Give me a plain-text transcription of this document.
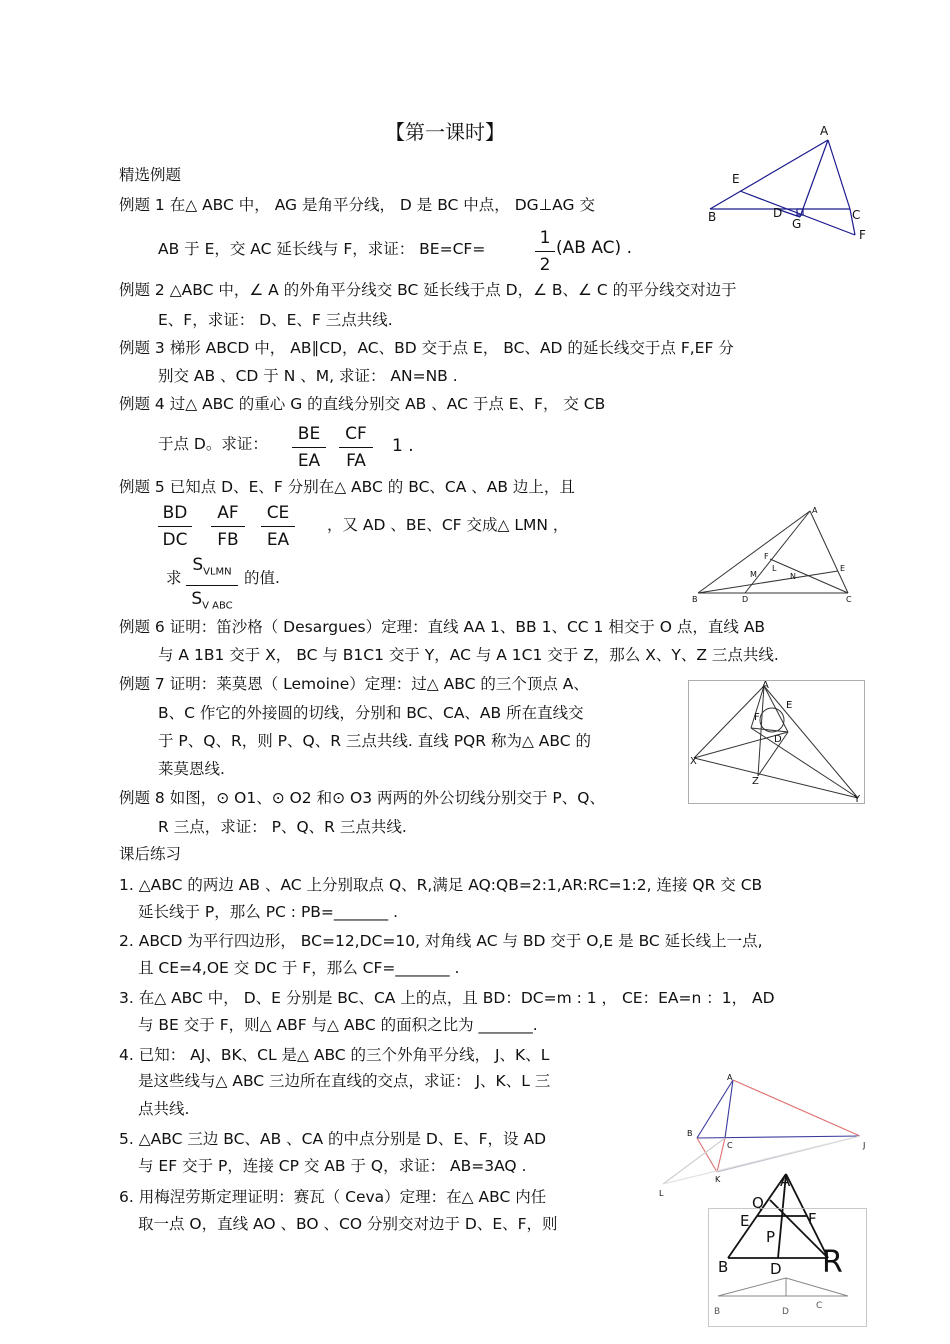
【第一课时】
精选例题
例题 1 在△ ABC 中， AG 是角平分线， D 是 BC 中点， DG⊥AG 交
AB 于 E，交 AC 延长线与 F，求证： BE=CF=
1
2
(AB AC) .
A
E
B	D	C
G
F
例题 2 △ABC 中，∠ A 的外角平分线交 BC 延长线于点 D，∠ B、∠ C 的平分线交对边于
E、F，求证： D、E、F 三点共线.
例题 3 梯形 ABCD 中， AB∥CD，AC、BD 交于点 E， BC、AD 的延长线交于点 F,EF 分
别交 AB 、CD 于 N 、M, 求证： AN=NB .
例题 4 过△ ABC 的重心 G 的直线分别交 AB 、AC 于点 E、F， 交 CB
于点 D。求证：	BE
EA
CF
FA
1 .
例题 5 已知点 D、E、F 分别在△ ABC 的 BC、CA 、AB 边上，且
BD
DC
AF
FB
CE
EA
，又 AD 、BE、CF 交成△ LMN ，
求
$S_{VLMN}$
$S_{V ABC}$
的值.
A
F
E
B	D	C
M	N
L
例题 6 证明：笛沙格（ Desargues）定理：直线 AA 1、BB 1、CC 1 相交于 O 点，直线 AB
与 A 1B1 交于 X， BC 与 B1C1 交于 Y，AC 与 A 1C1 交于 Z，那么 X、Y、Z 三点共线.
例题 7 证明：莱莫恩（ Lemoine）定理：过△ ABC 的三个顶点 A、
B、C 作它的外接圆的切线，分别和 BC、CA、AB 所在直线交
于 P、Q、R，则 P、Q、R 三点共线. 直线 PQR 称为△ ABC 的
莱莫恩线.
A
F
E
D
X
Z
Y
例题 8 如图，⊙ O1、⊙ O2 和⊙ O3 两两的外公切线分别交于 P、Q、
R 三点，求证： P、Q、R 三点共线.
课后练习
1. △ABC 的两边 AB 、AC 上分别取点 Q、R,满足 AQ:QB=2:1,AR:RC=1:2, 连接 QR 交 CB
延长线于 P，那么 PC : PB=_______ .
2. ABCD 为平行四边形， BC=12,DC=10, 对角线 AC 与 BD 交于 O,E 是 BC 延长线上一点,
且 CE=4,OE 交 DC 于 F，那么 CF=_______ .
3. 在△ ABC 中， D、E 分别是 BC、CA 上的点，且 BD：DC=m : 1 ， CE：EA=n ：1， AD
与 BE 交于 F，则△ ABF 与△ ABC 的面积之比为 _______.
4. 已知： AJ、BK、CL 是△ ABC 的三个外角平分线， J、K、L
是这些线与△ ABC 三边所在直线的交点，求证： J、K、L 三
点共线.
5. △ABC 三边 BC、AB 、CA 的中点分别是 D、E、F，设 AD
与 EF 交于 P，连接 CP 交 AB 于 Q，求证： AB=3AQ .
6. 用梅涅劳斯定理证明：赛瓦（ Ceva）定理：在△ ABC 内任
取一点 O，直线 AO 、BO 、CO 分别交对边于 D、E、F，则
A
B
C	J
K
L
A
Q
E	F
P
B	D R
B	D
C
